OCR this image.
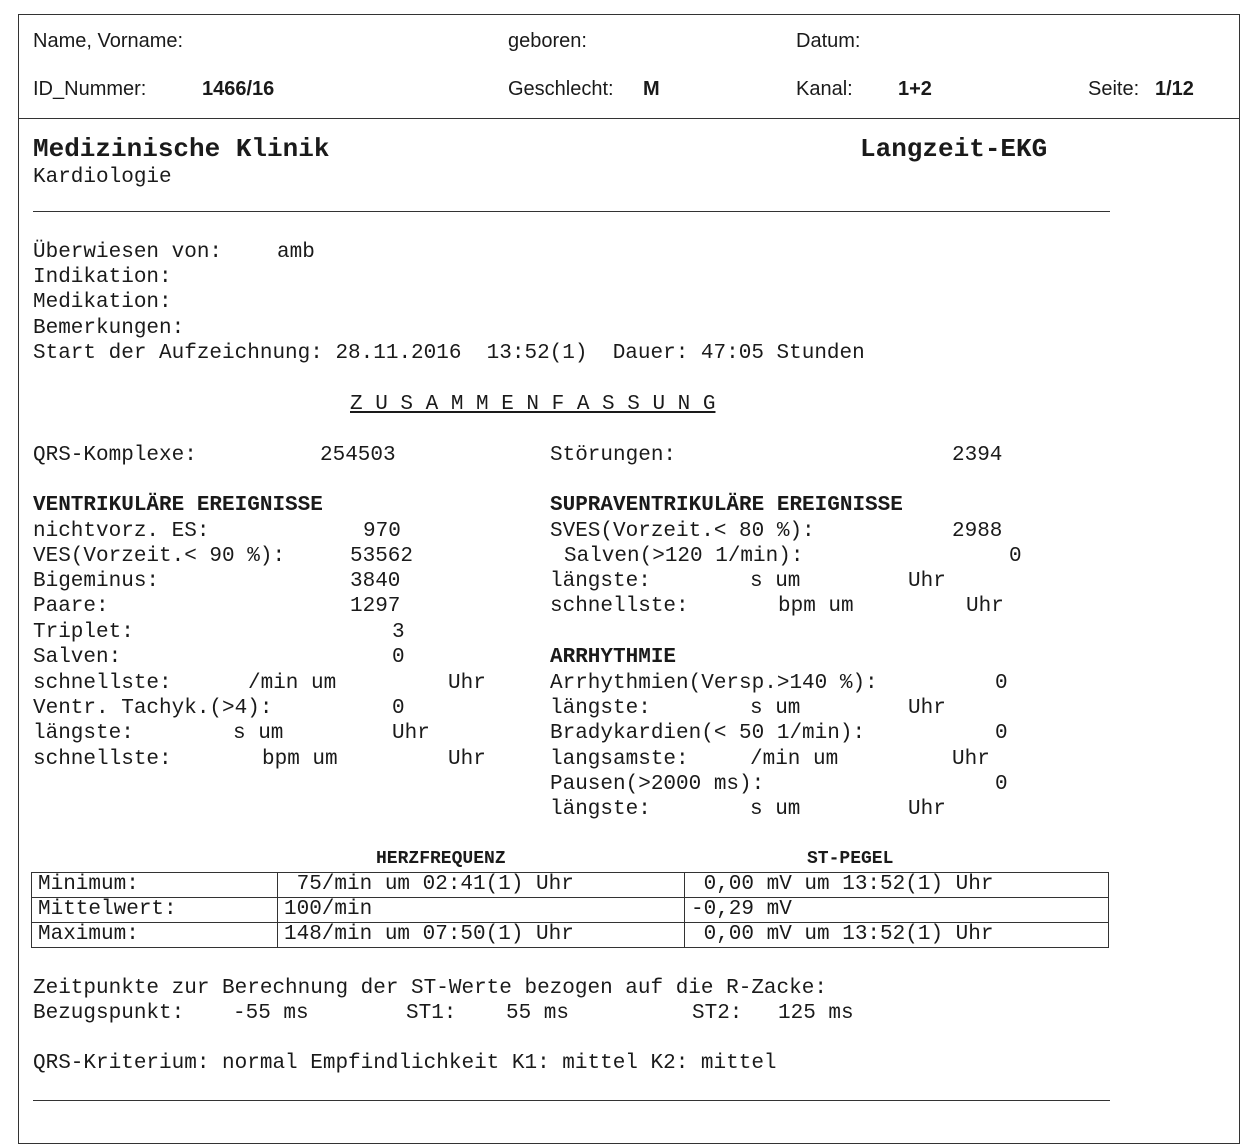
Name, Vorname:	geboren:	Datum:
ID_Nummer:	1466/16	Geschlecht: M	Kanal: 1+2	Seite: 1/12
Medizinische Klinik
Kardiologie
Langzeit-EKG
Überwiesen von:	amb
Indikation:
Medikation:
Bemerkungen:
Start der Aufzeichnung: 28.11.2016  13:52(1)  Dauer: 47:05 Stunden
Z U S A M M E N F A S S U N G
QRS-Komplexe:	254503	Störungen:	2394
VENTRIKULÄRE EREIGNISSE
nichtvorz. ES:	970
VES(Vorzeit.< 90 %):	53562
Bigeminus:	3840
Paare:	1297
Triplet:	3
Salven:	0
schnellste:	/min um	Uhr
Ventr. Tachyk.(>4):	0
längste:	s um	Uhr
schnellste:	bpm um	Uhr
SUPRAVENTRIKULÄRE EREIGNISSE
SVES(Vorzeit.< 80 %):	2988
Salven(>120 1/min):	0
längste:	s um	Uhr
schnellste:	bpm um	Uhr
ARRHYTHMIE
Arrhythmien(Versp.>140 %):	0
längste:	s um	Uhr
Bradykardien(< 50 1/min):	0
langsamste:	/min um	Uhr
Pausen(>2000 ms):	0
längste:	s um	Uhr
HERZFREQUENZ	ST-PEGEL
Minimum:	75/min um 02:41(1) Uhr	0,00 mV um 13:52(1) Uhr
Mittelwert:	100/min	-0,29 mV
Maximum:	148/min um 07:50(1) Uhr	0,00 mV um 13:52(1) Uhr
Zeitpunkte zur Berechnung der ST-Werte bezogen auf die R-Zacke:
Bezugspunkt: -55 ms	ST1: 55 ms	ST2: 125 ms
QRS-Kriterium: normal Empfindlichkeit K1: mittel K2: mittel
